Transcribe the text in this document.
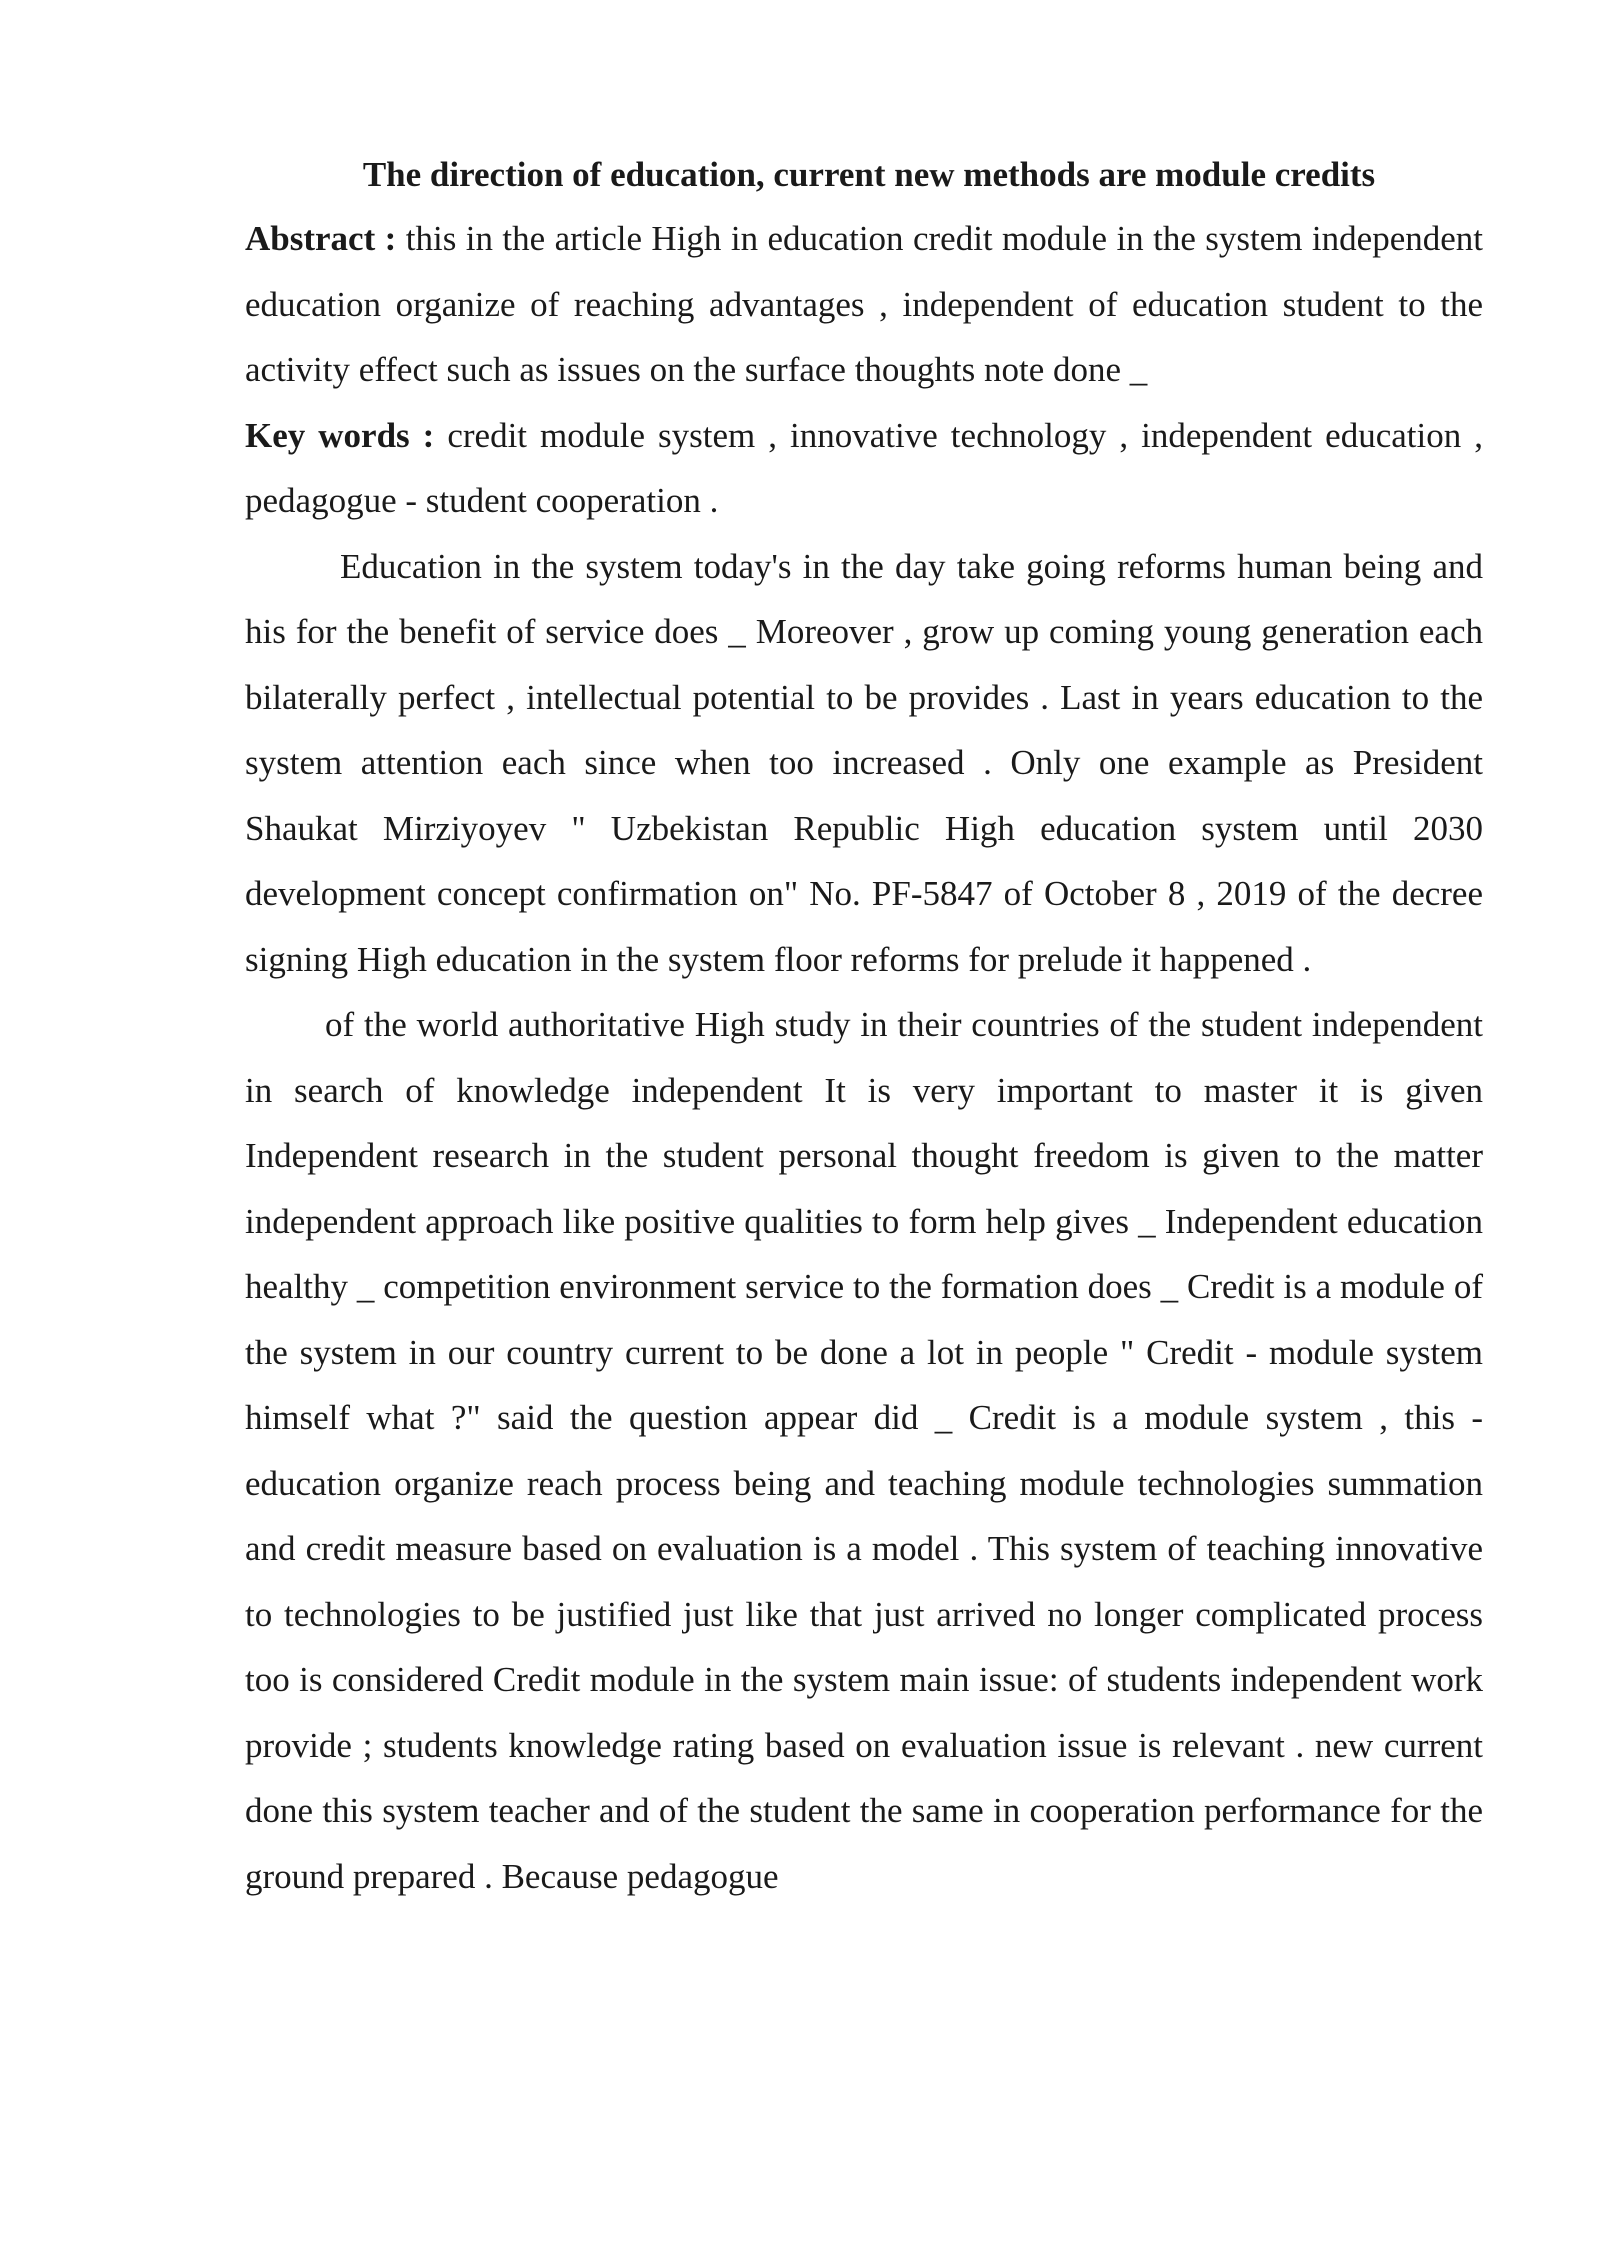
The direction of education, current new methods are module credits

Abstract : this in the article High in education credit module in the system independent education organize of reaching advantages , independent of education student to the activity effect such as issues on the surface thoughts note done _

Key words : credit module system , innovative technology , independent education , pedagogue - student cooperation .

Education in the system today's in the day take going reforms human being and his for the benefit of service does _ Moreover , grow up coming young generation each bilaterally perfect , intellectual potential to be provides . Last in years education to the system attention each since when too increased . Only one example as President Shaukat Mirziyoyev " Uzbekistan Republic High education system until 2030 development concept confirmation on" No. PF-5847 of October 8 , 2019 of the decree signing High education in the system floor reforms for prelude it happened .

of the world authoritative High study in their countries of the student independent in search of knowledge independent It is very important to master it is given Independent research in the student personal thought freedom is given to the matter independent approach like positive qualities to form help gives _ Independent education healthy _ competition environment service to the formation does _ Credit is a module of the system in our country current to be done a lot in people " Credit - module system himself what ?" said the question appear did _ Credit is a module system , this - education organize reach process being and teaching module technologies summation and credit measure based on evaluation is a model . This system of teaching innovative to technologies to be justified just like that just arrived no longer complicated process too is considered Credit module in the system main issue: of students independent work provide ; students knowledge rating based on evaluation issue is relevant . new current done this system teacher and of the student the same in cooperation performance for the ground prepared . Because pedagogue
